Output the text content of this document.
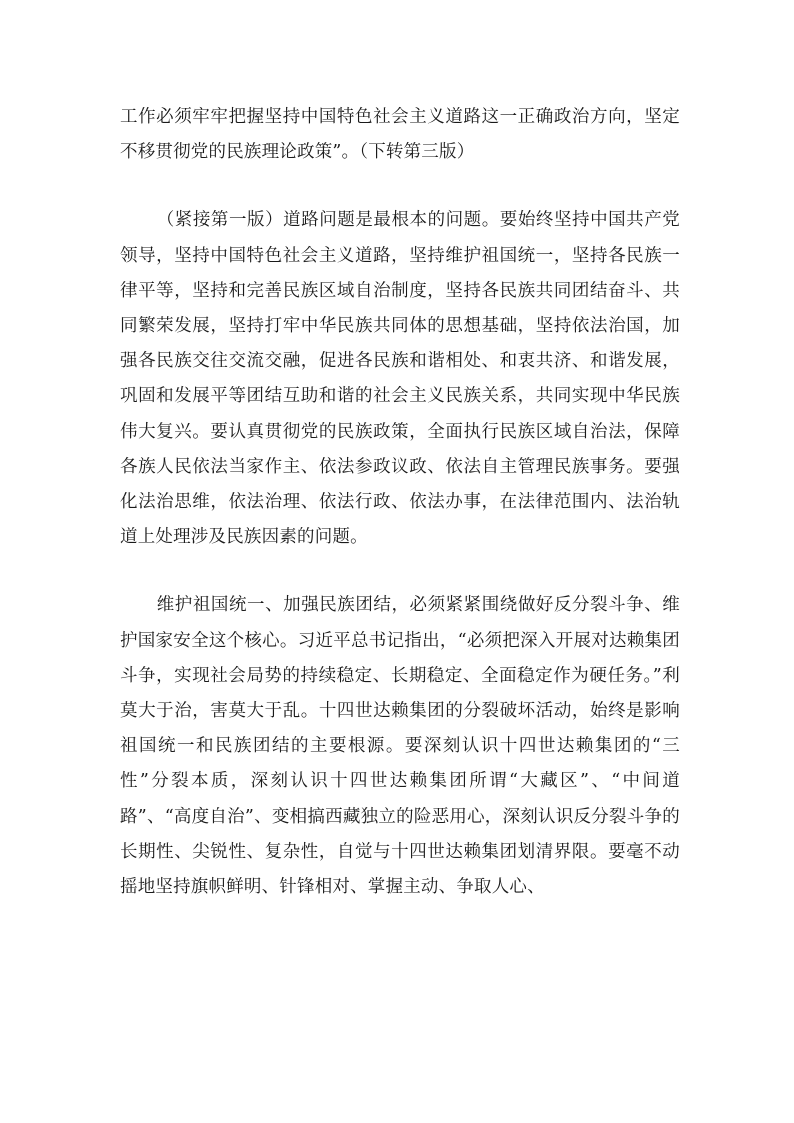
工作必须牢牢把握坚持中国特色社会主义道路这一正确政治方向，坚定不移贯彻党的民族理论政策”。（下转第三版）

（紧接第一版）道路问题是最根本的问题。要始终坚持中国共产党领导，坚持中国特色社会主义道路，坚持维护祖国统一，坚持各民族一律平等，坚持和完善民族区域自治制度，坚持各民族共同团结奋斗、共同繁荣发展，坚持打牢中华民族共同体的思想基础，坚持依法治国，加强各民族交往交流交融，促进各民族和谐相处、和衷共济、和谐发展，巩固和发展平等团结互助和谐的社会主义民族关系，共同实现中华民族伟大复兴。要认真贯彻党的民族政策，全面执行民族区域自治法，保障各族人民依法当家作主、依法参政议政、依法自主管理民族事务。要强化法治思维，依法治理、依法行政、依法办事，在法律范围内、法治轨道上处理涉及民族因素的问题。

维护祖国统一、加强民族团结，必须紧紧围绕做好反分裂斗争、维护国家安全这个核心。习近平总书记指出，“必须把深入开展对达赖集团斗争，实现社会局势的持续稳定、长期稳定、全面稳定作为硬任务。”利莫大于治，害莫大于乱。十四世达赖集团的分裂破坏活动，始终是影响祖国统一和民族团结的主要根源。要深刻认识十四世达赖集团的“三性”分裂本质，深刻认识十四世达赖集团所谓“大藏区”、“中间道路”、“高度自治”、变相搞西藏独立的险恶用心，深刻认识反分裂斗争的长期性、尖锐性、复杂性，自觉与十四世达赖集团划清界限。要毫不动摇地坚持旗帜鲜明、针锋相对、掌握主动、争取人心、
